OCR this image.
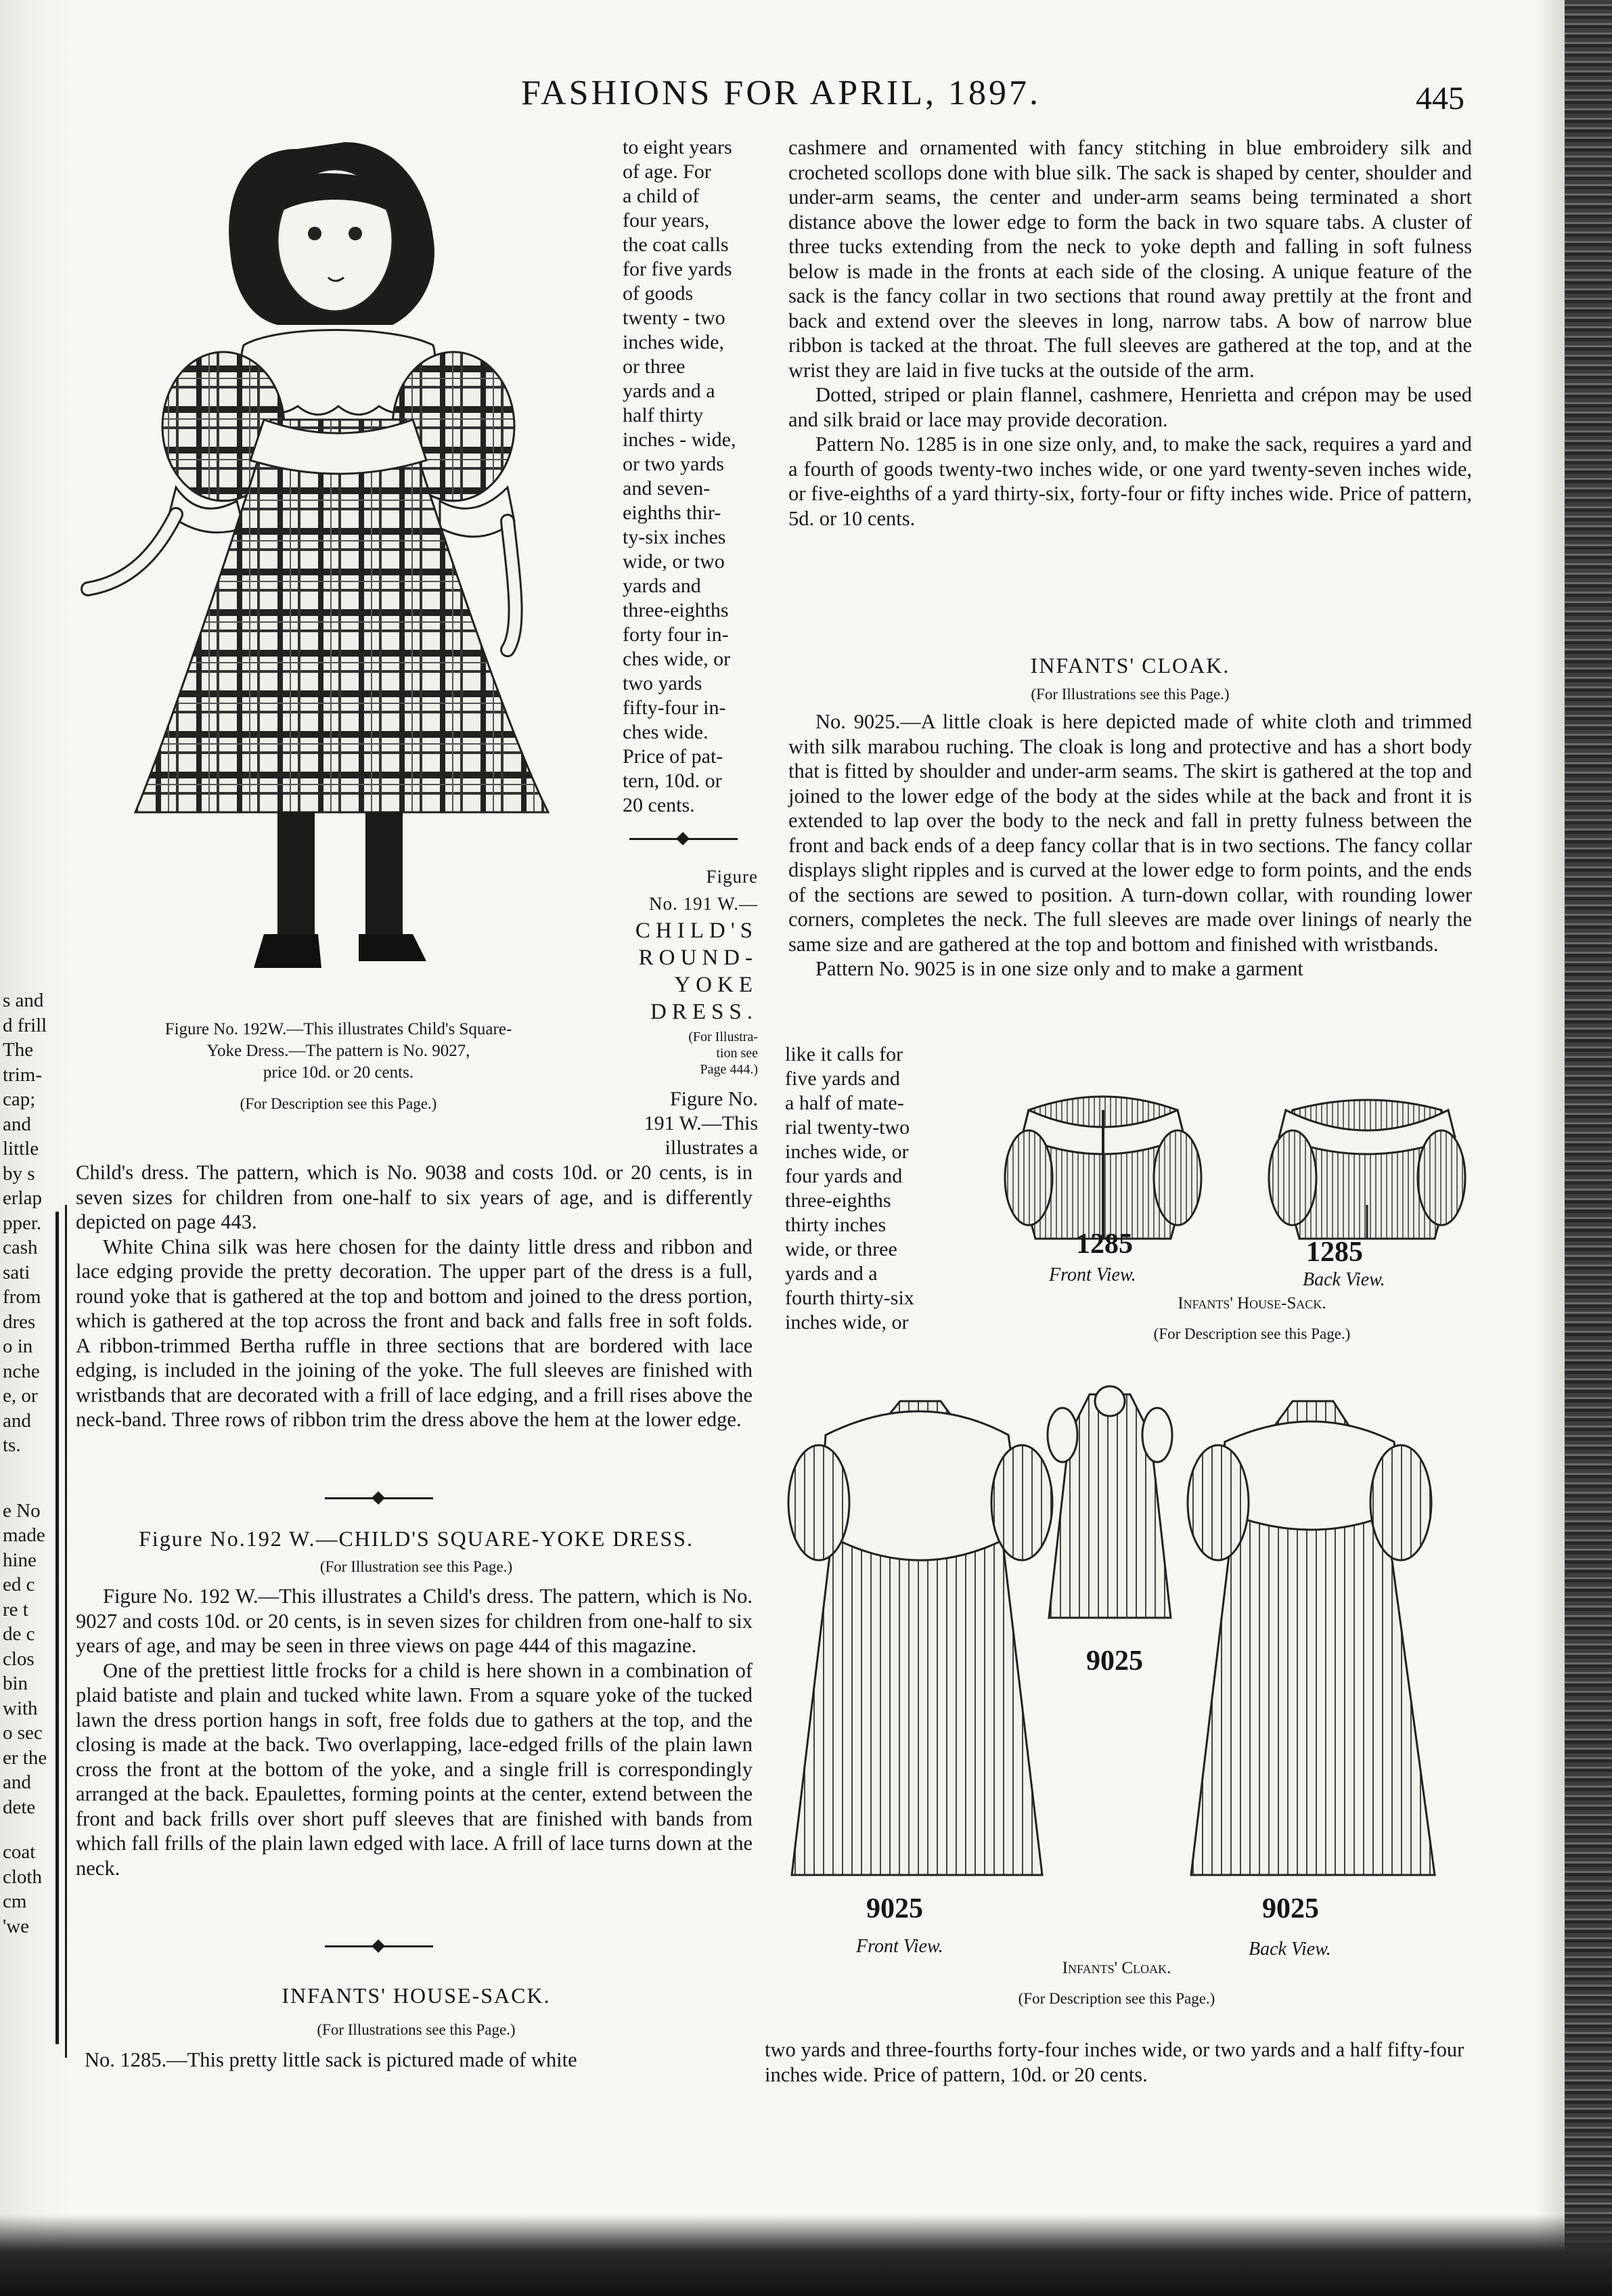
s and
d frill
The
trim-
cap;
and
little
by s
erlap
pper.
cash
sati
from
dres
o in
nche
e, or
and
ts.
e No
made
hine
ed c
re t
de c
clos
bin
with
o sec
er the
and
dete
coat
cloth
cm
'we
FASHIONS FOR APRIL, 1897.	445
Figure No. 192W.—This illustrates Child's Square-
Yoke Dress.—The pattern is No. 9027,
price 10d. or 20 cents.
(For Description see this Page.)
to eight years
of age. For
a child of
four years,
the coat calls
for five yards
of goods
twenty - two
inches wide,
or three
yards and a
half thirty
inches - wide,
or two yards
and seven-
eighths thir-
ty-six inches
wide, or two
yards and
three-eighths
forty four in-
ches wide, or
two yards
fifty-four in-
ches wide.
Price of pat-
tern, 10d. or
20 cents.
Figure
No. 191 W.—
CHILD'S
ROUND-
YOKE
DRESS.
(For Illustra-
tion see
Page 444.)
Figure No.
191 W.—This
illustrates a

Child's dress. The pattern, which is No. 9038 and costs 10d. or 20 cents, is in seven sizes for children from one-half to six years of age, and is differently depicted on page 443.

White China silk was here chosen for the dainty little dress and ribbon and lace edging provide the pretty decoration. The upper part of the dress is a full, round yoke that is gathered at the top and bottom and joined to the dress portion, which is gathered at the top across the front and back and falls free in soft folds. A ribbon-trimmed Bertha ruffle in three sections that are bordered with lace edging, is included in the joining of the yoke. The full sleeves are finished with wristbands that are decorated with a frill of lace edging, and a frill rises above the neck-band. Three rows of ribbon trim the dress above the hem at the lower edge.

Figure No.192 W.—CHILD'S SQUARE-YOKE DRESS.
(For Illustration see this Page.)

Figure No. 192 W.—This illustrates a Child's dress. The pattern, which is No. 9027 and costs 10d. or 20 cents, is in seven sizes for children from one-half to six years of age, and may be seen in three views on page 444 of this magazine.

One of the prettiest little frocks for a child is here shown in a combination of plaid batiste and plain and tucked white lawn. From a square yoke of the tucked lawn the dress portion hangs in soft, free folds due to gathers at the top, and the closing is made at the back. Two overlapping, lace-edged frills of the plain lawn cross the front at the bottom of the yoke, and a single frill is correspondingly arranged at the back. Epaulettes, forming points at the center, extend between the front and back frills over short puff sleeves that are finished with bands from which fall frills of the plain lawn edged with lace. A frill of lace turns down at the neck.

INFANTS' HOUSE-SACK.
(For Illustrations see this Page.)
No. 1285.—This pretty little sack is pictured made of white

cashmere and ornamented with fancy stitching in blue embroidery silk and crocheted scollops done with blue silk. The sack is shaped by center, shoulder and under-arm seams, the center and under-arm seams being terminated a short distance above the lower edge to form the back in two square tabs. A cluster of three tucks extending from the neck to yoke depth and falling in soft fulness below is made in the fronts at each side of the closing. A unique feature of the sack is the fancy collar in two sections that round away prettily at the front and back and extend over the sleeves in long, narrow tabs. A bow of narrow blue ribbon is tacked at the throat. The full sleeves are gathered at the top, and at the wrist they are laid in five tucks at the outside of the arm.

Dotted, striped or plain flannel, cashmere, Henrietta and crépon may be used and silk braid or lace may provide decoration.

Pattern No. 1285 is in one size only, and, to make the sack, requires a yard and a fourth of goods twenty-two inches wide, or one yard twenty-seven inches wide, or five-eighths of a yard thirty-six, forty-four or fifty inches wide. Price of pattern, 5d. or 10 cents.

INFANTS' CLOAK.
(For Illustrations see this Page.)

No. 9025.—A little cloak is here depicted made of white cloth and trimmed with silk marabou ruching. The cloak is long and protective and has a short body that is fitted by shoulder and under-arm seams. The skirt is gathered at the top and joined to the lower edge of the body at the sides while at the back and front it is extended to lap over the body to the neck and fall in pretty fulness between the front and back ends of a deep fancy collar that is in two sections. The fancy collar displays slight ripples and is curved at the lower edge to form points, and the ends of the sections are sewed to position. A turn-down collar, with rounding lower corners, completes the neck. The full sleeves are made over linings of nearly the same size and are gathered at the top and bottom and finished with wristbands.

Pattern No. 9025 is in one size only and to make a garment

like it calls for
five yards and
a half of mate-
rial twenty-two
inches wide, or
four yards and
three-eighths
thirty inches
wide, or three
yards and a
fourth thirty-six
inches wide, or
1285	1285
Front View.	Back View.
Infants' House-Sack.
(For Description see this Page.)
9025
9025	9025
Front View.	Back View.
Infants' Cloak.
(For Description see this Page.)
two yards and three-fourths forty-four inches wide, or two yards and a half fifty-four inches wide. Price of pattern, 10d. or 20 cents.
